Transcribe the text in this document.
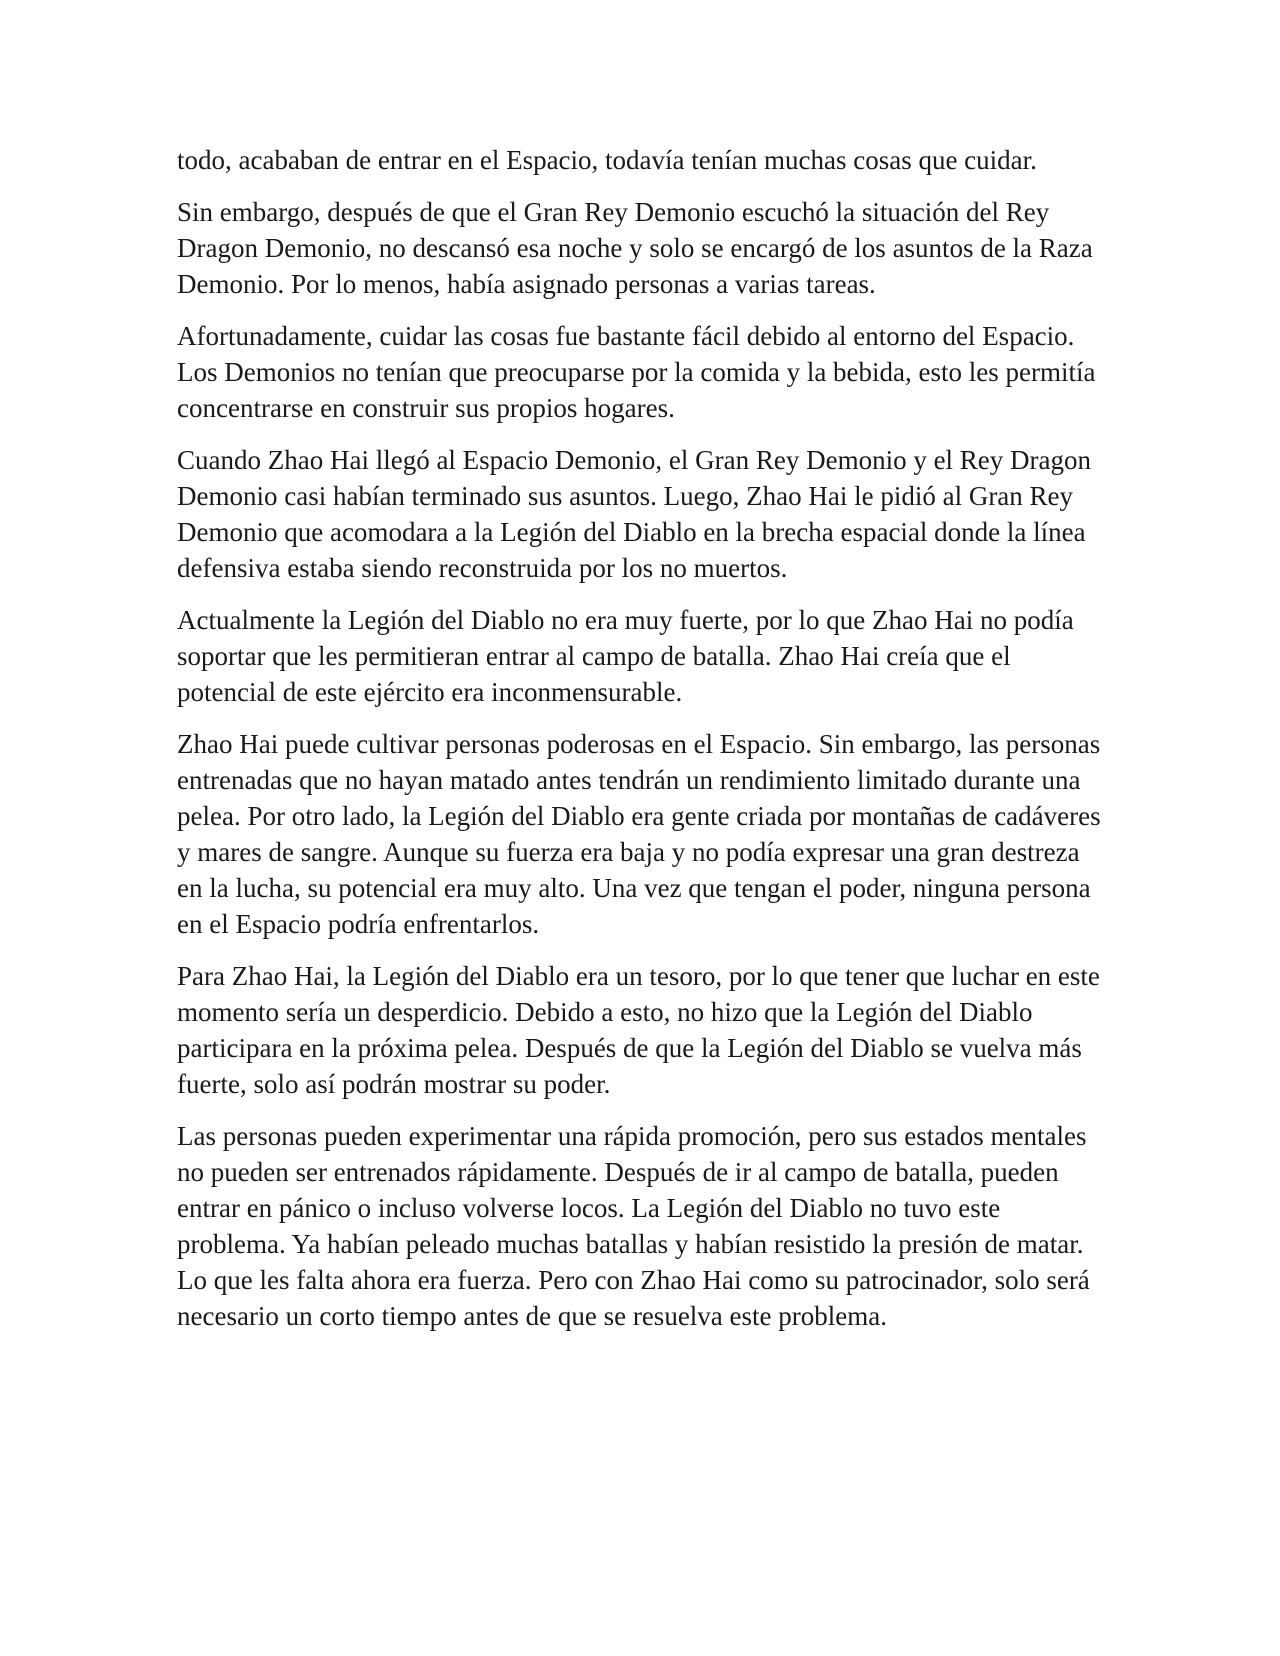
todo, acababan de entrar en el Espacio, todavía tenían muchas cosas que cuidar.

Sin embargo, después de que el Gran Rey Demonio escuchó la situación del Rey Dragon Demonio, no descansó esa noche y solo se encargó de los asuntos de la Raza Demonio. Por lo menos, había asignado personas a varias tareas.

Afortunadamente, cuidar las cosas fue bastante fácil debido al entorno del Espacio. Los Demonios no tenían que preocuparse por la comida y la bebida, esto les permitía concentrarse en construir sus propios hogares.

Cuando Zhao Hai llegó al Espacio Demonio, el Gran Rey Demonio y el Rey Dragon Demonio casi habían terminado sus asuntos. Luego, Zhao Hai le pidió al Gran Rey Demonio que acomodara a la Legión del Diablo en la brecha espacial donde la línea defensiva estaba siendo reconstruida por los no muertos.

Actualmente la Legión del Diablo no era muy fuerte, por lo que Zhao Hai no podía soportar que les permitieran entrar al campo de batalla. Zhao Hai creía que el potencial de este ejército era inconmensurable.

Zhao Hai puede cultivar personas poderosas en el Espacio. Sin embargo, las personas entrenadas que no hayan matado antes tendrán un rendimiento limitado durante una pelea. Por otro lado, la Legión del Diablo era gente criada por montañas de cadáveres y mares de sangre. Aunque su fuerza era baja y no podía expresar una gran destreza en la lucha, su potencial era muy alto. Una vez que tengan el poder, ninguna persona en el Espacio podría enfrentarlos.

Para Zhao Hai, la Legión del Diablo era un tesoro, por lo que tener que luchar en este momento sería un desperdicio. Debido a esto, no hizo que la Legión del Diablo participara en la próxima pelea. Después de que la Legión del Diablo se vuelva más fuerte, solo así podrán mostrar su poder.

Las personas pueden experimentar una rápida promoción, pero sus estados mentales no pueden ser entrenados rápidamente. Después de ir al campo de batalla, pueden entrar en pánico o incluso volverse locos. La Legión del Diablo no tuvo este problema. Ya habían peleado muchas batallas y habían resistido la presión de matar. Lo que les falta ahora era fuerza. Pero con Zhao Hai como su patrocinador, solo será necesario un corto tiempo antes de que se resuelva este problema.
